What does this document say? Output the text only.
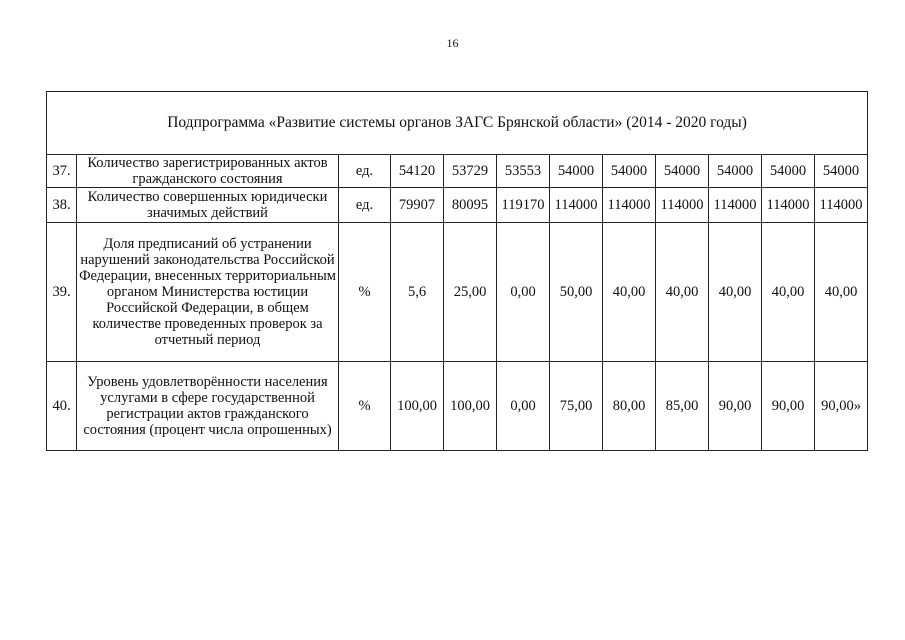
16
Подпрограмма «Развитие системы органов ЗАГС Брянской области» (2014 - 2020 годы)											
37.	Количество зарегистрированных актов гражданского состояния	ед.	54120	53729	53553	54000	54000	54000	54000	54000	54000
38.	Количество совершенных юридически значимых действий	ед.	79907	80095	119170	114000	114000	114000	114000	114000	114000
39.	Доля предписаний об устранении нарушений законодательства Российской Федерации, внесенных территориальным органом Министерства юстиции Российской Федерации, в общем количестве проведенных проверок за отчетный период	%	5,6	25,00	0,00	50,00	40,00	40,00	40,00	40,00	40,00
40.	Уровень удовлетворённости населения услугами в сфере государственной регистрации актов гражданского состояния (процент числа опрошенных)	%	100,00	100,00	0,00	75,00	80,00	85,00	90,00	90,00	90,00»
